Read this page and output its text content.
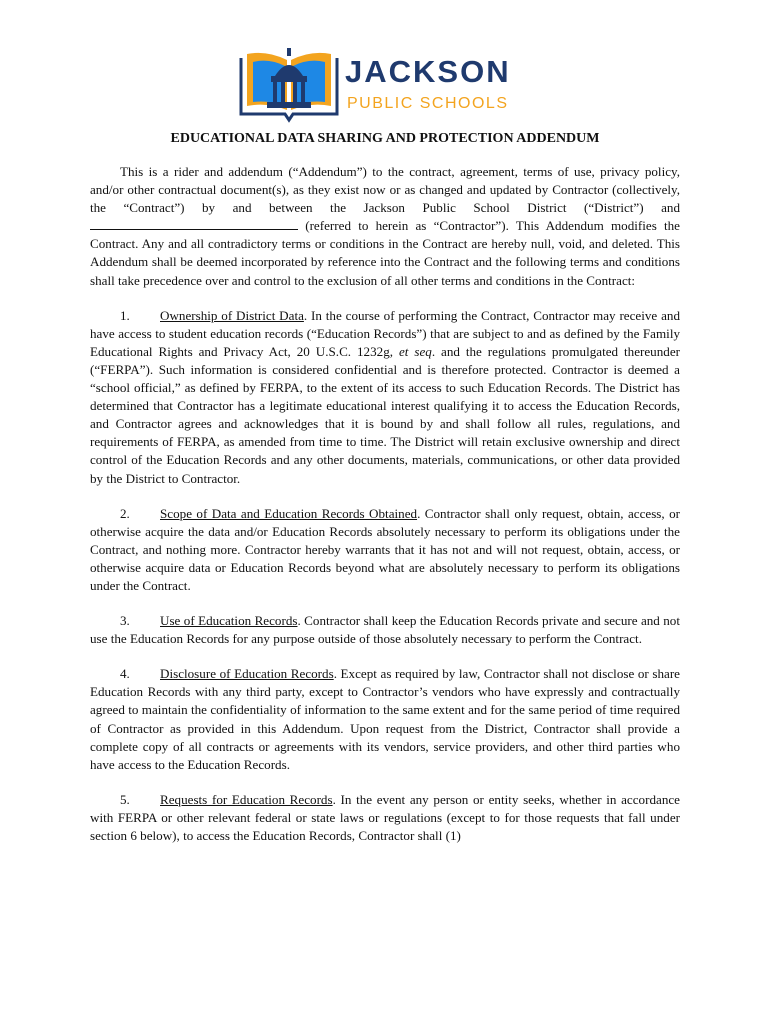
JACKSON
PUBLIC SCHOOLS
EDUCATIONAL DATA SHARING AND PROTECTION ADDENDUM

This is a rider and addendum (“Addendum”) to the contract, agreement, terms of use, privacy policy, and/or other contractual document(s), as they exist now or as changed and updated by Contractor (collectively, the “Contract”) by and between the Jackson Public School District (“District”) and  (referred to herein as “Contractor”). This Addendum modifies the Contract. Any and all contradictory terms or conditions in the Contract are hereby null, void, and deleted. This Addendum shall be deemed incorporated by reference into the Contract and the following terms and conditions shall take precedence over and control to the exclusion of all other terms and conditions in the Contract:

1. Ownership of District Data. In the course of performing the Contract, Contractor may receive and have access to student education records (“Education Records”) that are subject to and as defined by the Family Educational Rights and Privacy Act, 20 U.S.C. 1232g, et seq. and the regulations promulgated thereunder (“FERPA”). Such information is considered confidential and is therefore protected. Contractor is deemed a “school official,” as defined by FERPA, to the extent of its access to such Education Records. The District has determined that Contractor has a legitimate educational interest qualifying it to access the Education Records, and Contractor agrees and acknowledges that it is bound by and shall follow all rules, regulations, and requirements of FERPA, as amended from time to time. The District will retain exclusive ownership and direct control of the Education Records and any other documents, materials, communications, or other data provided by the District to Contractor.

2. Scope of Data and Education Records Obtained. Contractor shall only request, obtain, access, or otherwise acquire the data and/or Education Records absolutely necessary to perform its obligations under the Contract, and nothing more. Contractor hereby warrants that it has not and will not request, obtain, access, or otherwise acquire data or Education Records beyond what are absolutely necessary to perform its obligations under the Contract.

3. Use of Education Records. Contractor shall keep the Education Records private and secure and not use the Education Records for any purpose outside of those absolutely necessary to perform the Contract.

4. Disclosure of Education Records. Except as required by law, Contractor shall not disclose or share Education Records with any third party, except to Contractor’s vendors who have expressly and contractually agreed to maintain the confidentiality of information to the same extent and for the same period of time required of Contractor as provided in this Addendum. Upon request from the District, Contractor shall provide a complete copy of all contracts or agreements with its vendors, service providers, and other third parties who have access to the Education Records.

5. Requests for Education Records. In the event any person or entity seeks, whether in accordance with FERPA or other relevant federal or state laws or regulations (except to for those requests that fall under section 6 below), to access the Education Records, Contractor shall (1)
